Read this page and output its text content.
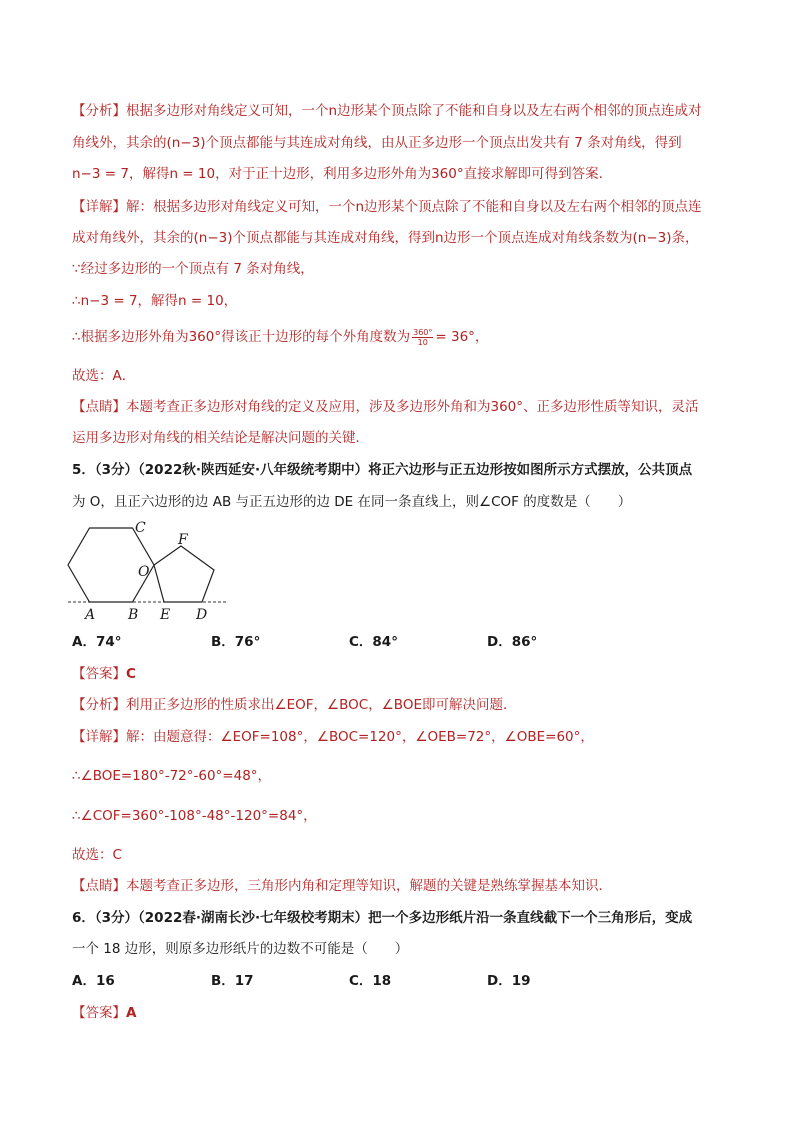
【分析】根据多边形对角线定义可知，一个n边形某个顶点除了不能和自身以及左右两个相邻的顶点连成对
角线外，其余的(n−3)个顶点都能与其连成对角线，由从正多边形一个顶点出发共有 7 条对角线，得到
n−3 = 7，解得n = 10，对于正十边形，利用多边形外角为360°直接求解即可得到答案．
【详解】解：根据多边形对角线定义可知，一个n边形某个顶点除了不能和自身以及左右两个相邻的顶点连
成对角线外，其余的(n−3)个顶点都能与其连成对角线，得到n边形一个顶点连成对角线条数为(n−3)条，
∵经过多边形的一个顶点有 7 条对角线，
∴n−3 = 7，解得n = 10，
∴根据多边形外角为360°得该正十边形的每个外角度数为 $\frac{360^\circ}{10} = 36^\circ$，
故选：A．
【点睛】本题考查正多边形对角线的定义及应用，涉及多边形外角和为360°、正多边形性质等知识，灵活
运用多边形对角线的相关结论是解决问题的关键．
5．（3分）（2022秋·陕西延安·八年级统考期中）将正六边形与正五边形按如图所示方式摆放，公共顶点
为 O，且正六边形的边 AB 与正五边形的边 DE 在同一条直线上，则∠COF 的度数是（　　）
A B
C
D
E
F
O
A．74°	B．76°	C．84°	D．86°
【答案】C
【分析】利用正多边形的性质求出∠EOF，∠BOC，∠BOE即可解决问题．
【详解】解：由题意得：∠EOF=108°，∠BOC=120°，∠OEB=72°，∠OBE=60°，
∴∠BOE=180°-72°-60°=48°，
∴∠COF=360°-108°-48°-120°=84°，
故选：C
【点睛】本题考查正多边形，三角形内角和定理等知识，解题的关键是熟练掌握基本知识．
6．（3分）（2022春·湖南长沙·七年级校考期末）把一个多边形纸片沿一条直线截下一个三角形后，变成
一个 18 边形，则原多边形纸片的边数不可能是（　　）
A．16	B．17	C．18	D．19
【答案】A
